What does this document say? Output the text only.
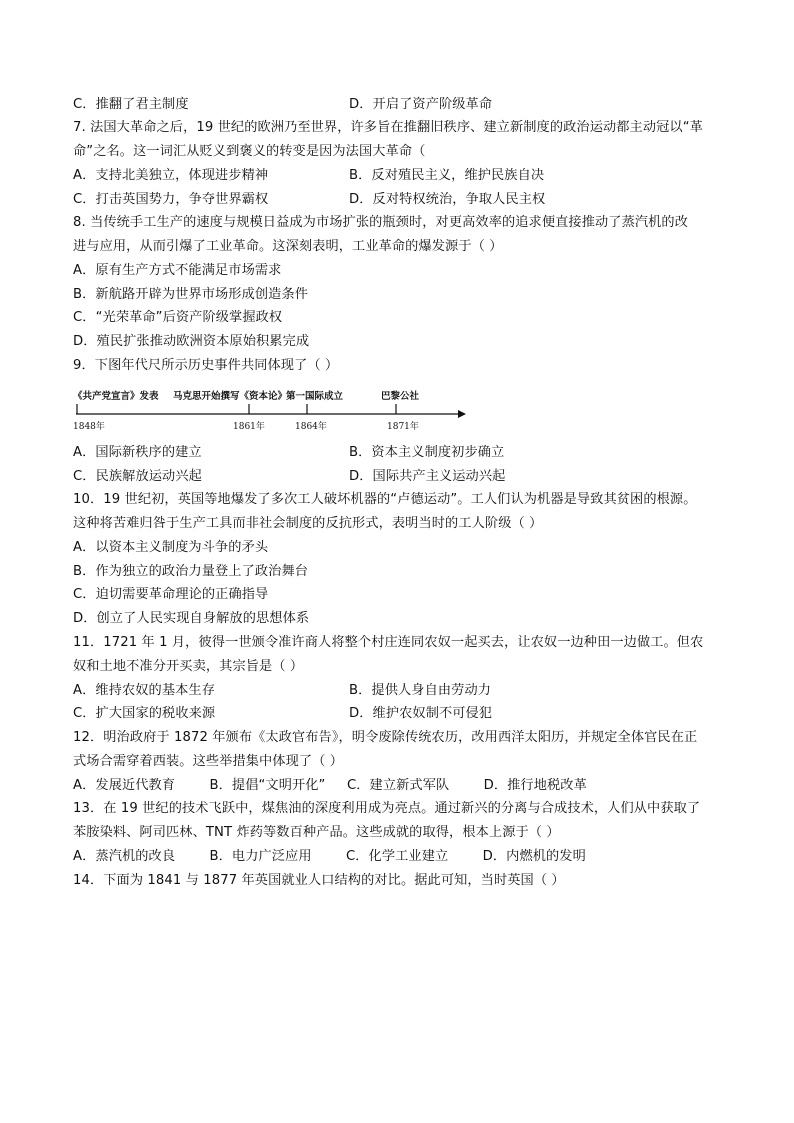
C．推翻了君主制度	D．开启了资产阶级革命
7. 法国大革命之后，19 世纪的欧洲乃至世界，许多旨在推翻旧秩序、建立新制度的政治运动都主动冠以“革
命”之名。这一词汇从贬义到褒义的转变是因为法国大革命（
A．支持北美独立，体现进步精神	B．反对殖民主义，维护民族自决
C．打击英国势力，争夺世界霸权	D．反对特权统治，争取人民主权
8. 当传统手工生产的速度与规模日益成为市场扩张的瓶颈时，对更高效率的追求便直接推动了蒸汽机的改
进与应用，从而引爆了工业革命。这深刻表明，工业革命的爆发源于（ ）
A．原有生产方式不能满足市场需求
B．新航路开辟为世界市场形成创造条件
C．“光荣革命”后资产阶级掌握政权
D．殖民扩张推动欧洲资本原始积累完成
9．下图年代尺所示历史事件共同体现了（ ）
《共产党宣言》发表 马克思开始撰写《资本论》
第一国际成立	巴黎公社
1848年	1861年	1864年	1871年
A．国际新秩序的建立	B．资本主义制度初步确立
C．民族解放运动兴起	D．国际共产主义运动兴起
10．19 世纪初，英国等地爆发了多次工人破坏机器的“卢德运动”。工人们认为机器是导致其贫困的根源。
这种将苦难归咎于生产工具而非社会制度的反抗形式，表明当时的工人阶级（ ）
A．以资本主义制度为斗争的矛头
B．作为独立的政治力量登上了政治舞台
C．迫切需要革命理论的正确指导
D．创立了人民实现自身解放的思想体系
11．1721 年 1 月，彼得一世颁令准许商人将整个村庄连同农奴一起买去，让农奴一边种田一边做工。但农
奴和土地不准分开买卖，其宗旨是（ ）
A．维持农奴的基本生存	B．提供人身自由劳动力
C．扩大国家的税收来源	D．维护农奴制不可侵犯
12．明治政府于 1872 年颁布《太政官布告》，明令废除传统农历，改用西洋太阳历，并规定全体官民在正
式场合需穿着西装。这些举措集中体现了（ ）
A．发展近代教育        B．提倡“文明开化”     C．建立新式军队        D．推行地税改革
13．在 19 世纪的技术飞跃中，煤焦油的深度利用成为亮点。通过新兴的分离与合成技术，人们从中获取了
苯胺染料、阿司匹林、TNT 炸药等数百种产品。这些成就的取得，根本上源于（ ）
A．蒸汽机的改良        B．电力广泛应用        C．化学工业建立        D．内燃机的发明
14．下面为 1841 与 1877 年英国就业人口结构的对比。据此可知，当时英国（ ）
